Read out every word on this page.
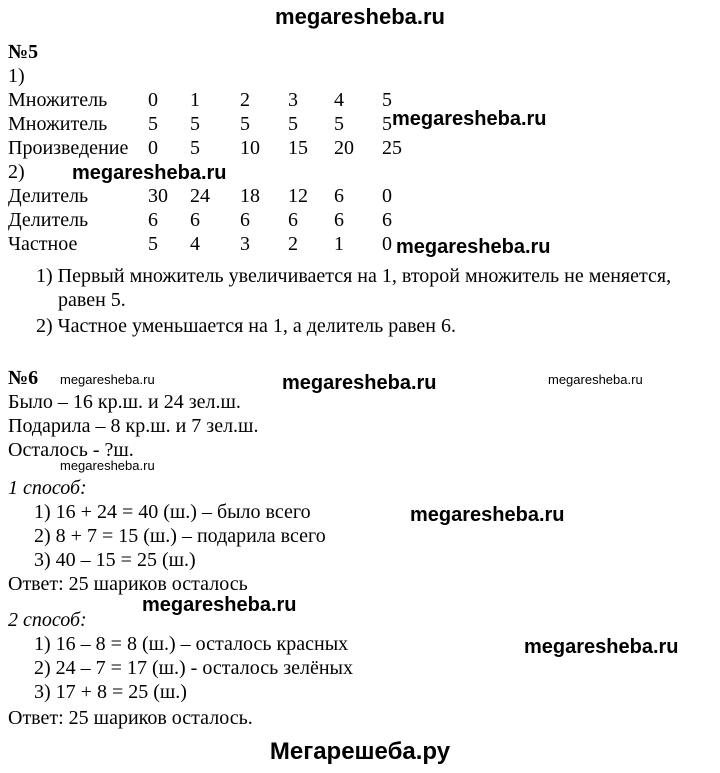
megaresheba.ru
№5
1)
Множитель 0 1 2 3 4 5
Множитель 5 5 5 5 5 5
Произведение 0 5 10 15 20 25
2)
Делитель	30 24 18 12 6 0
Делитель	6 6 6 6 6 6
Частное	5 4 3 2 1 0
1) Первый множитель увеличивается на 1, второй множитель не меняется,
равен 5.
2) Частное уменьшается на 1, а делитель равен 6.
№6
Было – 16 кр.ш. и 24 зел.ш.
Подарила – 8 кр.ш. и 7 зел.ш.
Осталось - ?ш.
1 способ:
1) 16 + 24 = 40 (ш.) – было всего
2) 8 + 7 = 15 (ш.) – подарила всего
3) 40 – 15 = 25 (ш.)
Ответ: 25 шариков осталось
2 способ:
1) 16 – 8 = 8 (ш.) – осталось красных
2) 24 – 7 = 17 (ш.) - осталось зелёных
3) 17 + 8 = 25 (ш.)
Ответ: 25 шариков осталось.
megaresheba.ru
megaresheba.ru
megaresheba.ru
megaresheba.ru	megaresheba.ru	megaresheba.ru
megaresheba.ru
megaresheba.ru
megaresheba.ru
megaresheba.ru
Мегарешеба.ру
